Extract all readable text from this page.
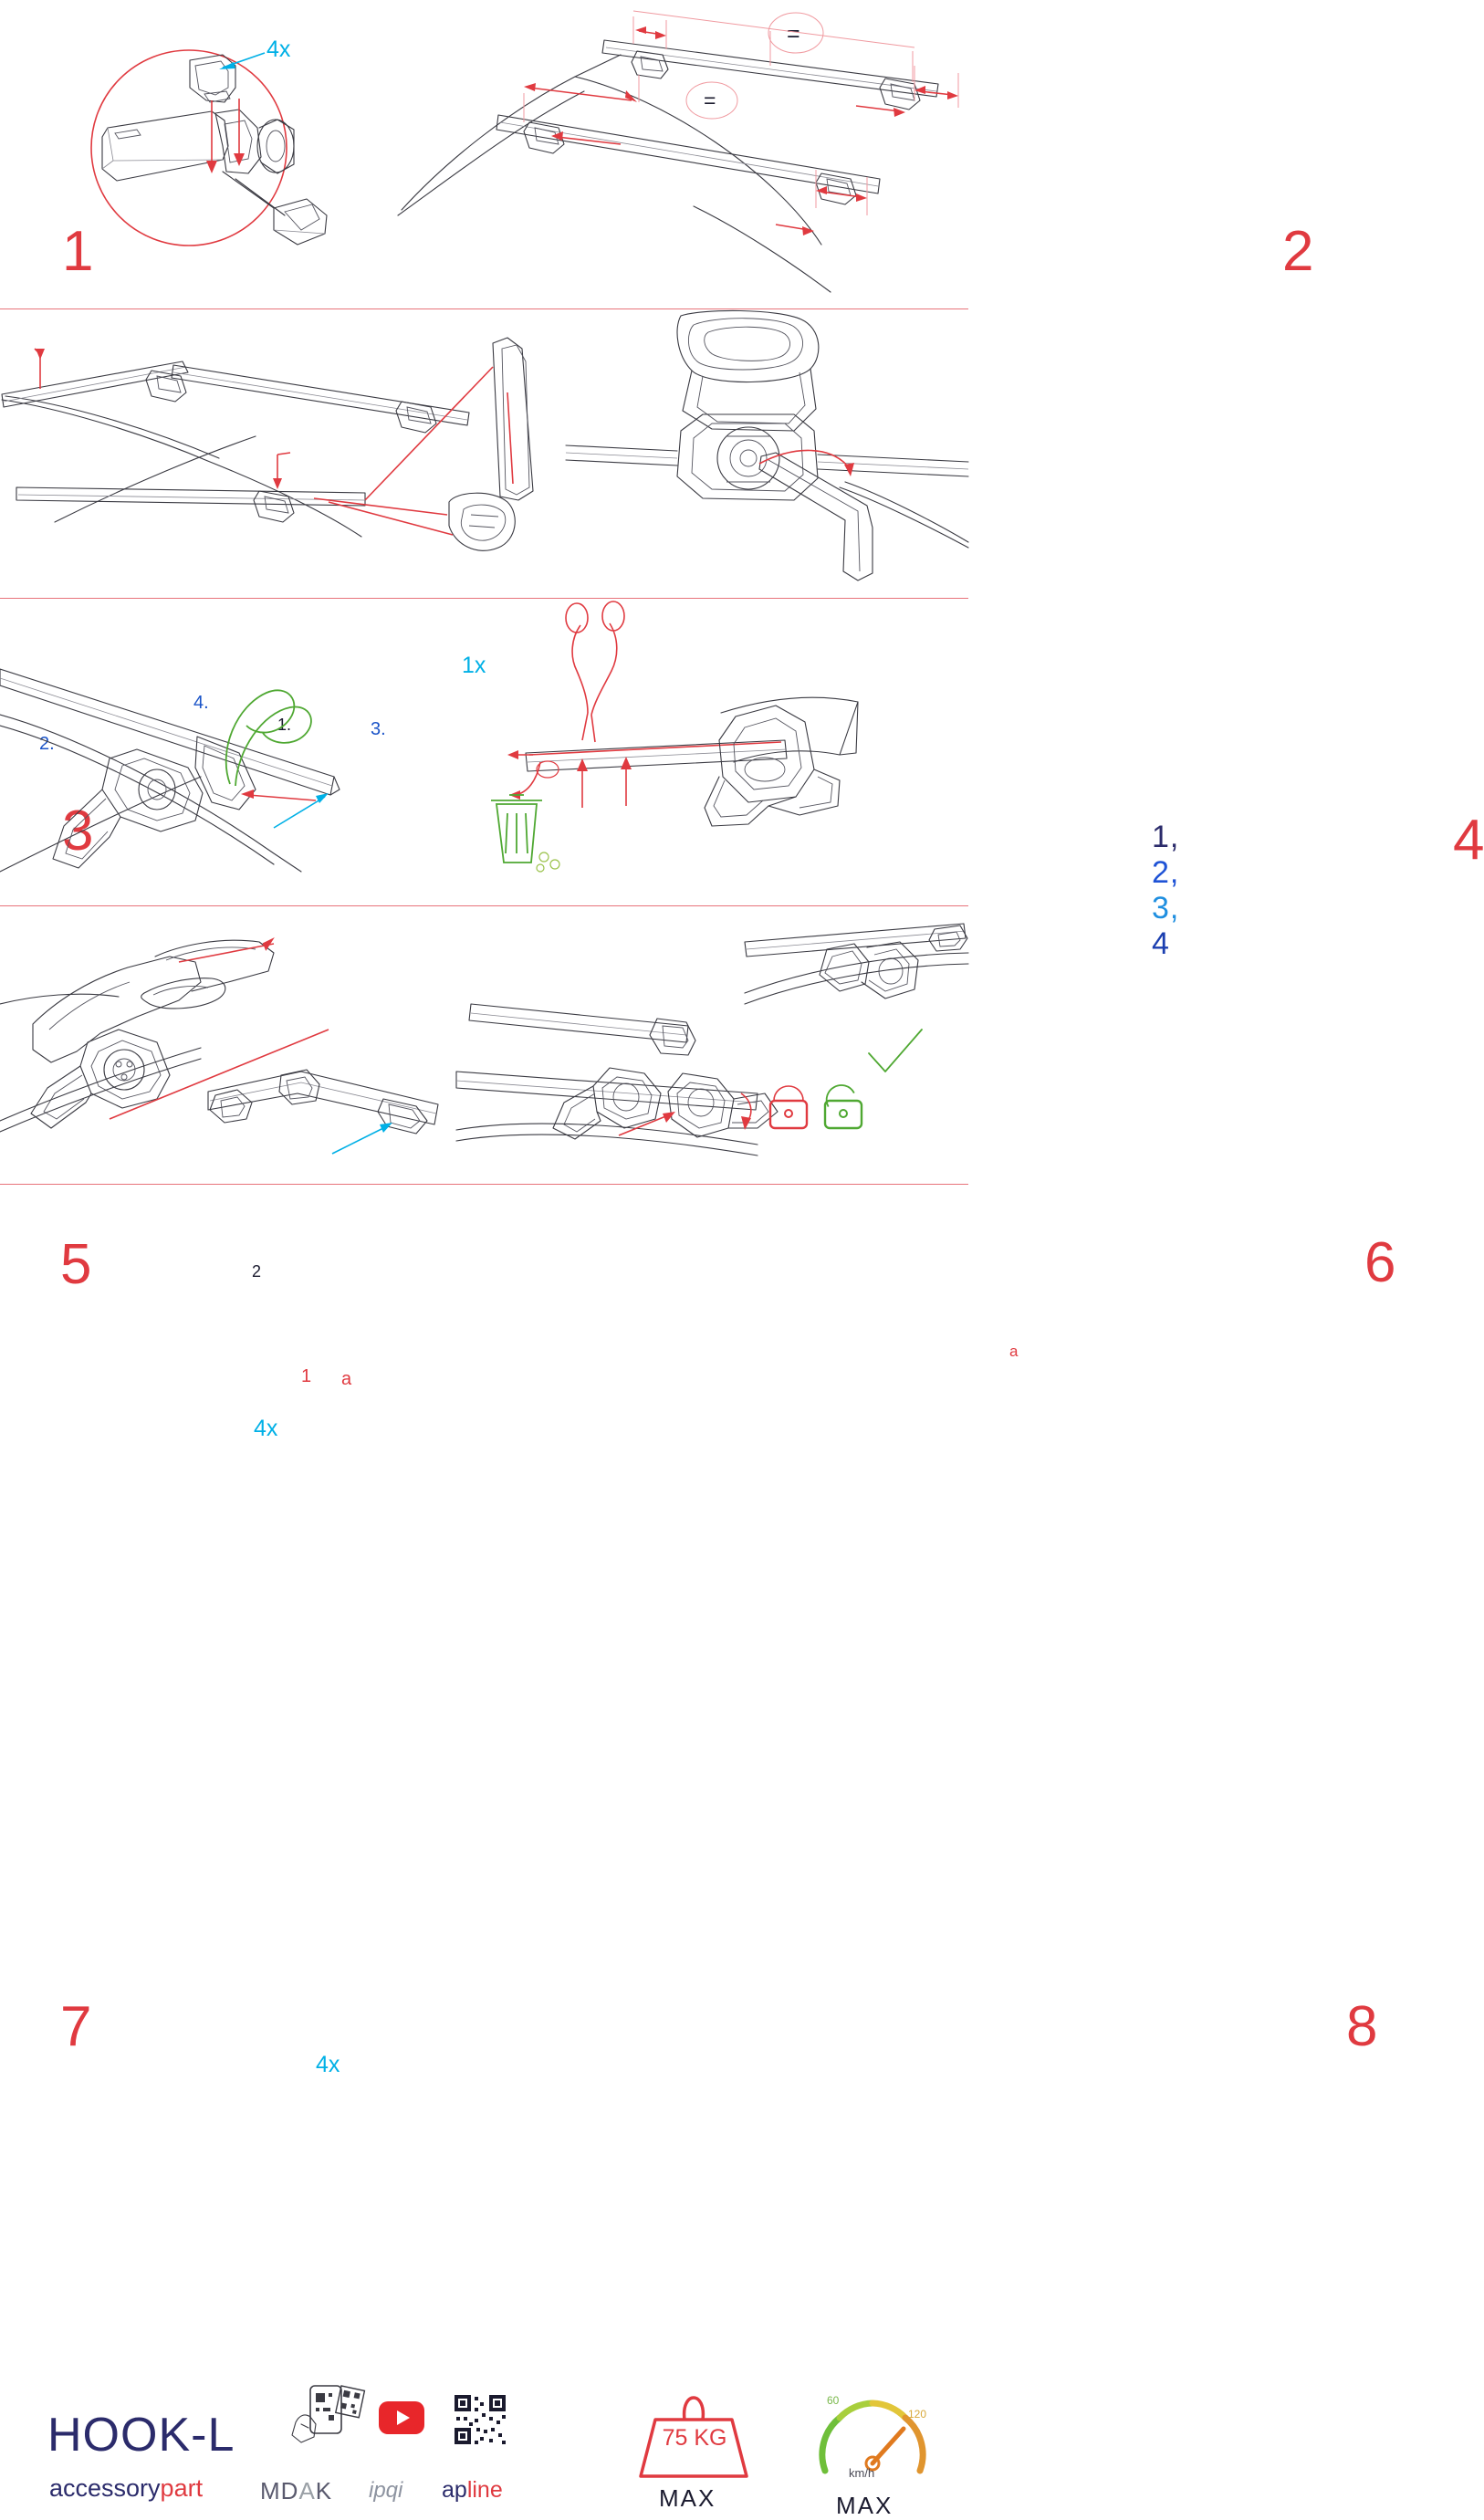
4x
1
=
=
2
1.
2.
3.
4.
1x
3	1, 2, 3, 4
4
5	2
1 a
4x
6
a
7
4x
8
HOOK-L
accessorypart MDAK ipqi apline
75 KG
MAX
60
120
km/h
MAX
